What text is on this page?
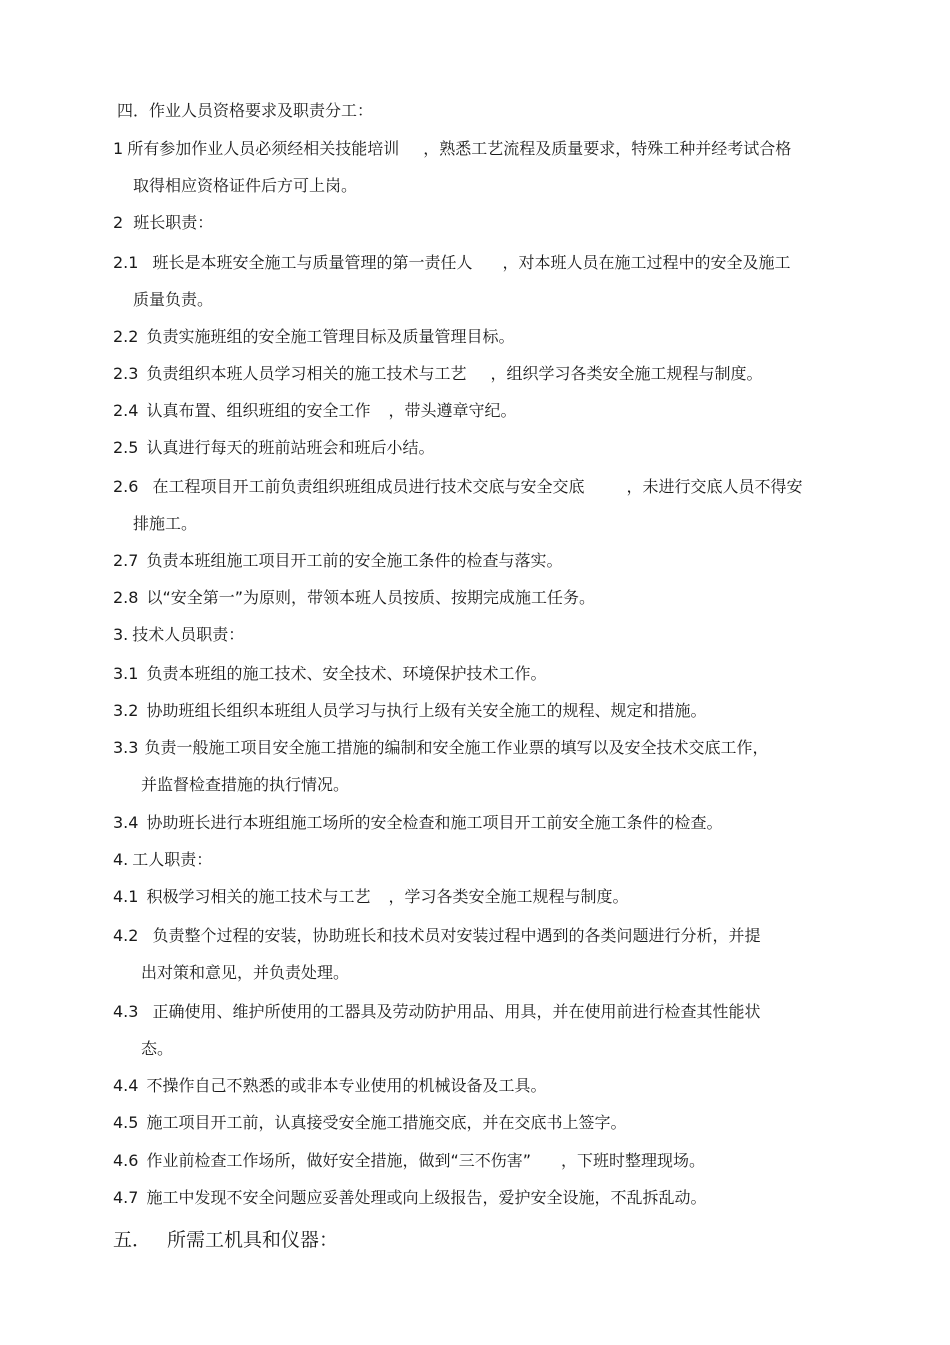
四．作业人员资格要求及职责分工：
1 所有参加作业人员必须经相关技能培训 ，熟悉工艺流程及质量要求，特殊工种并经考试合格
取得相应资格证件后方可上岗。
2 班长职责：
2.1 班长是本班安全施工与质量管理的第一责任人 ，对本班人员在施工过程中的安全及施工
质量负责。
2.2 负责实施班组的安全施工管理目标及质量管理目标。
2.3 负责组织本班人员学习相关的施工技术与工艺 ，组织学习各类安全施工规程与制度。
2.4 认真布置、组织班组的安全工作 ，带头遵章守纪。
2.5 认真进行每天的班前站班会和班后小结。
2.6 在工程项目开工前负责组织班组成员进行技术交底与安全交底	，未进行交底人员不得安
排施工。
2.7 负责本班组施工项目开工前的安全施工条件的检查与落实。
2.8 以“安全第一”为原则，带领本班人员按质、按期完成施工任务。
3. 技术人员职责：
3.1 负责本班组的施工技术、安全技术、环境保护技术工作。
3.2 协助班组长组织本班组人员学习与执行上级有关安全施工的规程、规定和措施。
3.3 负责一般施工项目安全施工措施的编制和安全施工作业票的填写以及安全技术交底工作，
并监督检查措施的执行情况。
3.4 协助班长进行本班组施工场所的安全检查和施工项目开工前安全施工条件的检查。
4. 工人职责：
4.1 积极学习相关的施工技术与工艺 ，学习各类安全施工规程与制度。
4.2 负责整个过程的安装，协助班长和技术员对安装过程中遇到的各类问题进行分析，并提
出对策和意见，并负责处理。
4.3 正确使用、维护所使用的工器具及劳动防护用品、用具，并在使用前进行检查其性能状
态。
4.4 不操作自己不熟悉的或非本专业使用的机械设备及工具。
4.5 施工项目开工前，认真接受安全施工措施交底，并在交底书上签字。
4.6 作业前检查工作场所，做好安全措施，做到“三不伤害” ，下班时整理现场。
4.7 施工中发现不安全问题应妥善处理或向上级报告，爱护安全设施，不乱拆乱动。
五． 所需工机具和仪器：
